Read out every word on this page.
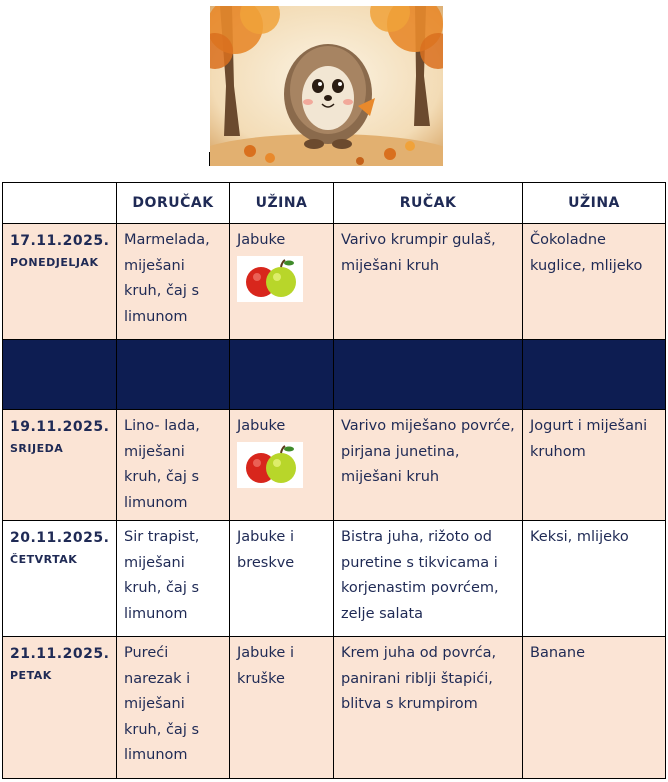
	DORUČAK	UŽINA	RUČAK	UŽINA

17.11.2025.
PONEDJELJAK	Marmelada, miješani kruh, čaj s limunom	Jabuke	Varivo krumpir gulaš, miješani kruh	Čokoladne kuglice, mlijeko

19.11.2025.
SRIJEDA	Lino- lada, miješani kruh, čaj s limunom	Jabuke	Varivo miješano povrće, pirjana junetina, miješani kruh	Jogurt i miješani kruhom

20.11.2025.
ČETVRTAK	Sir trapist, miješani kruh, čaj s limunom	Jabuke i breskve	Bistra juha, rižoto od puretine s tikvicama i korjenastim povrćem, zelje salata	Keksi, mlijeko

21.11.2025.
PETAK	Pureći narezak i miješani kruh, čaj s limunom	Jabuke i kruške	Krem juha od povrća, panirani riblji štapići, blitva s krumpirom	Banane
